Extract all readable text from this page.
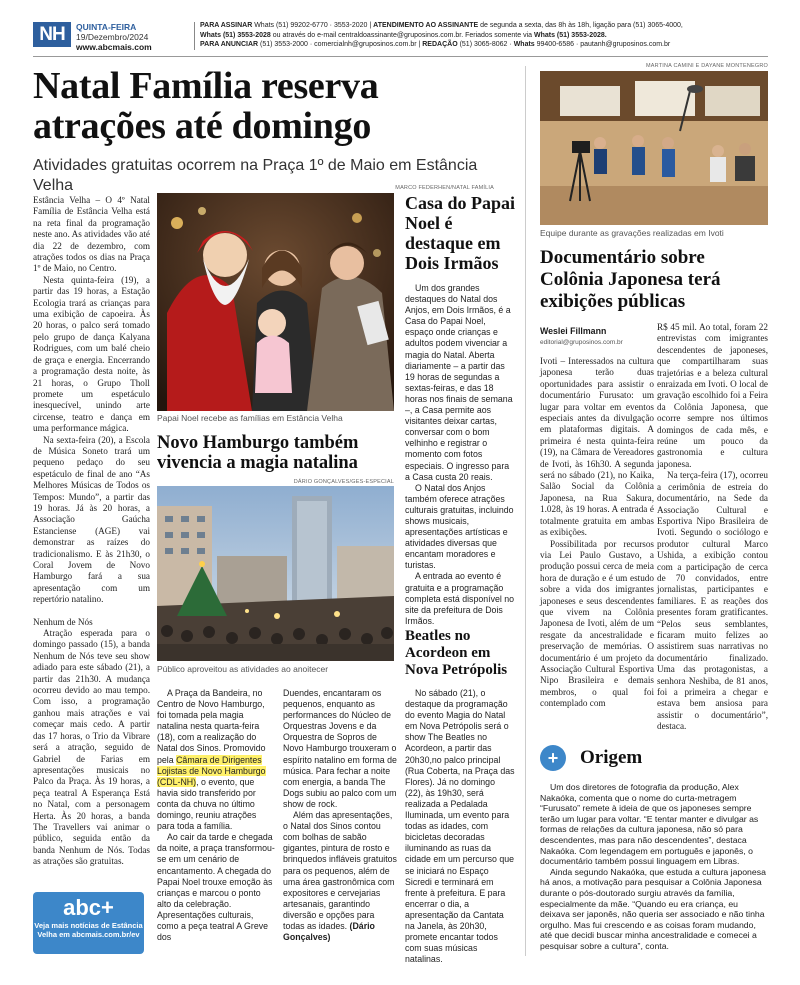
NH	QUINTA-FEIRA
19/Dezembro/2024
www.abcmais.com
PARA ASSINAR Whats (51) 99202-6770 · 3553-2020 | ATENDIMENTO AO ASSINANTE de segunda a sexta, das 8h às 18h, ligação para (51) 3065-4000,
Whats (51) 3553-2028 ou através do e-mail centraldoassinante@gruposinos.com.br. Feriados somente via Whats (51) 3553-2028.
PARA ANUNCIAR (51) 3553-2000 · comercialnh@gruposinos.com.br | REDAÇÃO (51) 3065-8062 · Whats 99400-6586 · pautanh@gruposinos.com.br
Natal Família reserva atrações até domingo
Atividades gratuitas ocorrem na Praça 1º de Maio em Estância Velha	MARCO FEDERHEN/NATAL FAMÍLIA
Papai Noel recebe as famílias em Estância Velha

Estância Velha – O 4º Natal Família de Estância Velha está na reta final da programação neste ano. As atividades vão até dia 22 de dezembro, com atrações todos os dias na Praça 1º de Maio, no Centro.

Nesta quinta-feira (19), a partir das 19 horas, a Estação Ecologia trará as crianças para uma exibição de capoeira. Às 20 horas, o palco será tomado pelo grupo de dança Kalyana Rodrigues, com um balé cheio de graça e energia. Encerrando a programação desta noite, às 21 horas, o Grupo Tholl promete um espetáculo inesquecível, unindo arte circense, teatro e dança em uma performance mágica.

Na sexta-feira (20), a Escola de Música Soneto trará um pequeno pedaço do seu espetáculo de final de ano “As Melhores Músicas de Todos os Tempos: Mundo”, a partir das 19 horas. Já às 20 horas, a Associação Gaúcha Estanciense (AGE) vai demonstrar as raízes do tradicionalismo. E às 21h30, o Coral Jovem de Novo Hamburgo fará a sua apresentação com um repertório natalino.

Nenhum de Nós

Atração esperada para o domingo passado (15), a banda Nenhum de Nós teve seu show adiado para este sábado (21), a partir das 21h30. A mudança ocorreu devido ao mau tempo. Com isso, a programação ganhou mais atrações e vai começar mais cedo. A partir das 17 horas, o Trio da Vibrare será a atração, seguido de Gabriel de Farias em apresentações musicais no Palco da Praça. Às 19 horas, a peça teatral A Esperança Está no Natal, com a personagem Herta. Às 20 horas, a banda The Travellers vai animar o público, seguida então da banda Nenhum de Nós. Todas as atrações são gratuitas.

abc+
Veja mais notícias de Estância Velha em abcmais.com.br/ev
Novo Hamburgo também vivencia a magia natalina
DÁRIO GONÇALVES/GES-ESPECIAL
Público aproveitou as atividades ao anoitecer

A Praça da Bandeira, no Centro de Novo Hamburgo, foi tomada pela magia natalina nesta quarta-feira (18), com a realização do Natal dos Sinos. Promovido pela Câmara de Dirigentes Lojistas de Novo Hamburgo (CDL-NH), o evento, que havia sido transferido por conta da chuva no último domingo, reuniu atrações para toda a família.

Ao cair da tarde e chegada da noite, a praça transformou-se em um cenário de encantamento. A chegada do Papai Noel trouxe emoção às crianças e marcou o ponto alto da celebração. Apresentações culturais, como a peça teatral A Greve dos

Duendes, encantaram os pequenos, enquanto as performances do Núcleo de Orquestras Jovens e da Orquestra de Sopros de Novo Hamburgo trouxeram o espírito natalino em forma de música. Para fechar a noite com energia, a banda The Dogs subiu ao palco com um show de rock.

Além das apresentações, o Natal dos Sinos contou com bolhas de sabão gigantes, pintura de rosto e brinquedos infláveis gratuitos para os pequenos, além de uma área gastronômica com expositores e cervejarias artesanais, garantindo diversão e opções para todas as idades. (Dário Gonçalves)

Casa do Papai Noel é destaque em Dois Irmãos

Um dos grandes destaques do Natal dos Anjos, em Dois Irmãos, é a Casa do Papai Noel, espaço onde crianças e adultos podem vivenciar a magia do Natal. Aberta diariamente – a partir das 19 horas de segundas a sextas-feiras, e das 18 horas nos finais de semana –, a Casa permite aos visitantes deixar cartas, conversar com o bom velhinho e registrar o momento com fotos especiais. O ingresso para a Casa custa 20 reais.

O Natal dos Anjos também oferece atrações culturais gratuitas, incluindo shows musicais, apresentações artísticas e atividades diversas que encantam moradores e turistas.

A entrada ao evento é gratuita e a programação completa está disponível no site da prefeitura de Dois Irmãos.

Beatles no Acordeon em Nova Petrópolis

No sábado (21), o destaque da programação do evento Magia do Natal em Nova Petrópolis será o show The Beatles no Acordeon, a partir das 20h30,no palco principal (Rua Coberta, na Praça das Flores). Já no domingo (22), às 19h30, será realizada a Pedalada Iluminada, um evento para todas as idades, com bicicletas decoradas iluminando as ruas da cidade em um percurso que se iniciará no Espaço Sicredi e terminará em frente à prefeitura. E para encerrar o dia, a apresentação da Cantata na Janela, às 20h30, promete encantar todos com suas músicas natalinas.

MARTINA CAMINI E DAYANE MONTENEGRO
Equipe durante as gravações realizadas em Ivoti
Documentário sobre Colônia Japonesa terá exibições públicas
Weslei Fillmann
editorial@gruposinos.com.br

Ivoti – Interessados na cultura japonesa terão duas oportunidades para assistir o documentário Furusato: um lugar para voltar em eventos especiais antes da divulgação em plataformas digitais. A primeira é nesta quinta-feira (19), na Câmara de Vereadores de Ivoti, às 16h30. A segunda será no sábado (21), no Kaika, Salão Social da Colônia Japonesa, na Rua Sakura, 1.028, às 19 horas. A entrada é totalmente gratuita em ambas as exibições.

Possibilitada por recursos via Lei Paulo Gustavo, a produção possui cerca de meia hora de duração e é um estudo sobre a vida dos imigrantes japoneses e seus descendentes que vivem na Colônia Japonesa de Ivoti, além de um resgate da ancestralidade e preservação de memórias. O documentário é um projeto da Associação Cultural Esportiva Nipo Brasileira e demais membros, o qual foi contemplado com

R$ 45 mil. Ao total, foram 22 entrevistas com imigrantes descendentes de japoneses, que compartilharam suas trajetórias e a beleza cultural enraizada em Ivoti. O local de gravação escolhido foi a Feira da Colônia Japonesa, que ocorre sempre nos últimos domingos de cada mês, e reúne um pouco da gastronomia e cultura japonesa.

Na terça-feira (17), ocorreu a cerimônia de estreia do documentário, na Sede da Associação Cultural e Esportiva Nipo Brasileira de Ivoti. Segundo o sociólogo e produtor cultural Marco Ushida, a exibição contou com a participação de cerca de 70 convidados, entre jornalistas, participantes e familiares. E as reações dos presentes foram gratificantes. “Pelos seus semblantes, ficaram muito felizes ao assistirem suas narrativas no documentário finalizado. Uma das protagonistas, a senhora Neshiba, de 81 anos, foi a primeira a chegar e estava bem ansiosa para assistir o documentário”, destaca.

+	Origem

Um dos diretores de fotografia da produção, Alex Nakaóka, comenta que o nome do curta-metragem “Furusato” remete à ideia de que os japoneses sempre terão um lugar para voltar. “E tentar manter e divulgar as formas de relações da cultura japonesa, não só para descendentes, mas para não descendentes”, destaca Nakaóka. Com legendagem em português e japonês, o documentário também possui linguagem em Libras.

Ainda segundo Nakaóka, que estuda a cultura japonesa há anos, a motivação para pesquisar a Colônia Japonesa durante o pós-doutorado surgiu através da família, especialmente da mãe. “Quando eu era criança, eu deixava ser japonês, não queria ser associado e não tinha orgulho. Mas fui crescendo e as coisas foram mudando, até que decidi buscar minha ancestralidade e comecei a pesquisar sobre a cultura”, conta.
